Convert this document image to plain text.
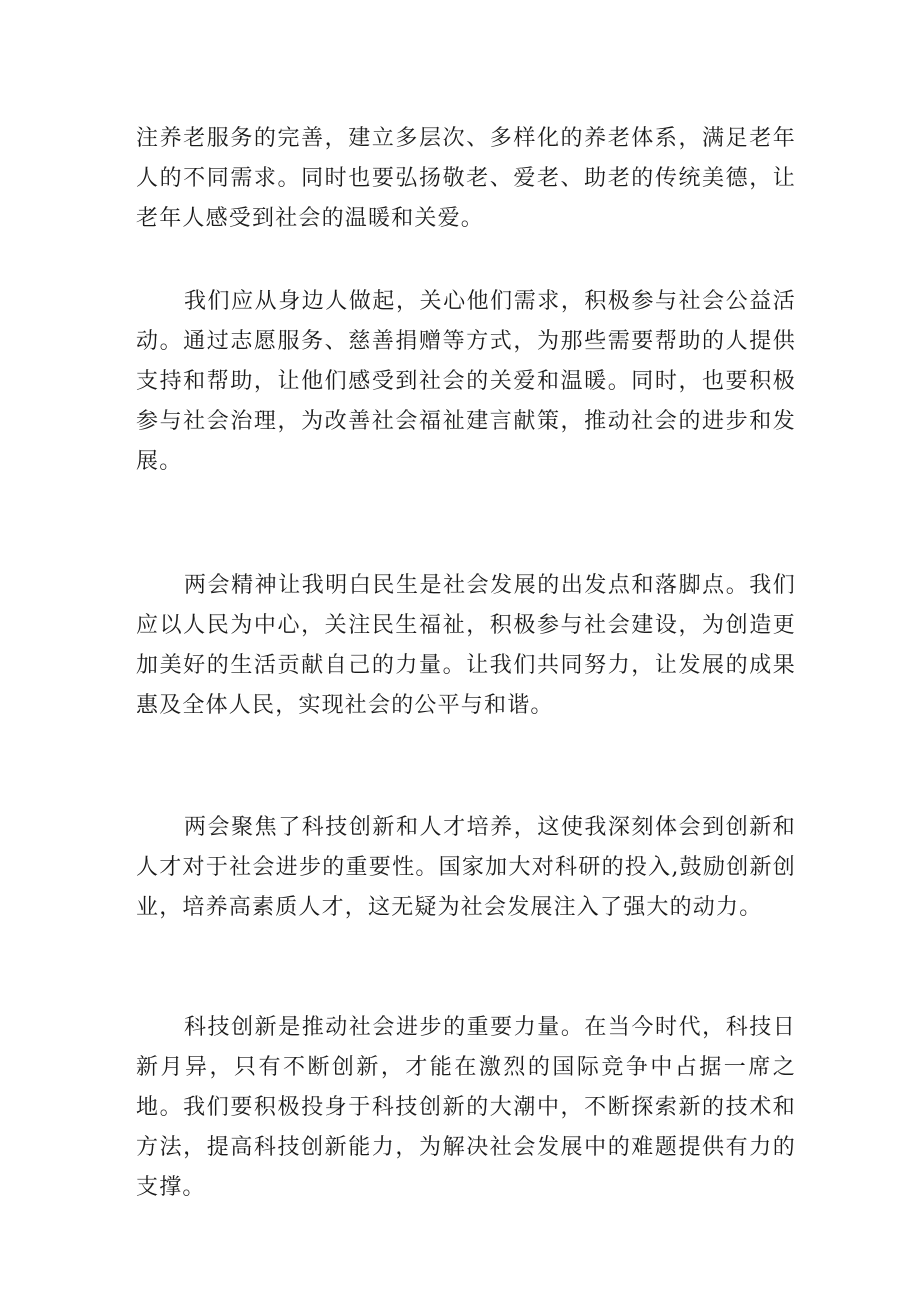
注养老服务的完善，建立多层次、多样化的养老体系，满足老年人的不同需求。同时也要弘扬敬老、爱老、助老的传统美德，让老年人感受到社会的温暖和关爱。

我们应从身边人做起，关心他们需求，积极参与社会公益活动。通过志愿服务、慈善捐赠等方式，为那些需要帮助的人提供支持和帮助，让他们感受到社会的关爱和温暖。同时，也要积极参与社会治理，为改善社会福祉建言献策，推动社会的进步和发展。

两会精神让我明白民生是社会发展的出发点和落脚点。我们应以人民为中心，关注民生福祉，积极参与社会建设，为创造更加美好的生活贡献自己的力量。让我们共同努力，让发展的成果惠及全体人民，实现社会的公平与和谐。

两会聚焦了科技创新和人才培养，这使我深刻体会到创新和人才对于社会进步的重要性。国家加大对科研的投入,鼓励创新创业，培养高素质人才，这无疑为社会发展注入了强大的动力。

科技创新是推动社会进步的重要力量。在当今时代，科技日新月异，只有不断创新，才能在激烈的国际竞争中占据一席之地。我们要积极投身于科技创新的大潮中，不断探索新的技术和方法，提高科技创新能力，为解决社会发展中的难题提供有力的支撑。
